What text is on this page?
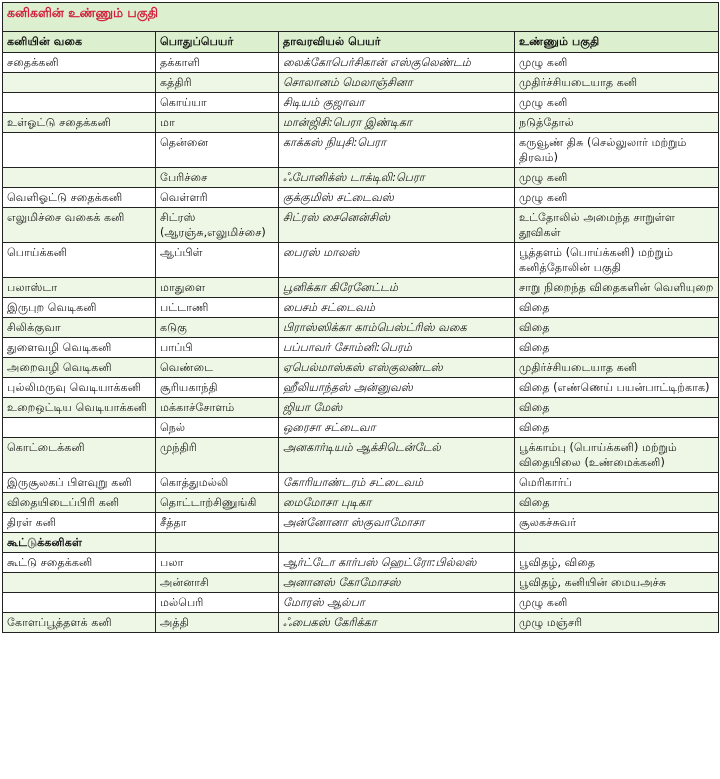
கனிகளின் உண்ணும் பகுதி			
கனியின் வகை	பொதுப்பெயர்	தாவரவியல் பெயர்	உண்ணும் பகுதி
சதைக்கனி	தக்காளி	லைக்கோபெர்சிகான் எஸ்குலெண்டம்	முழு கனி
	கத்திரி	சொலானம் மெலாஞ்சினா	முதிர்ச்சியடையாத கனி
	கொய்யா	சிடியம் குஜாவா	முழு கனி
உள்ஓட்டு சதைக்கனி	மா	மான்ஜிசி:பெரா இண்டிகா	நடுத்தோல்
	தென்னை	காக்கஸ் நியுசி:பெரா	கருவூண் திசு (செல்லுலார் மற்றும் திரவம்)
	பேரிச்சை	ஃபோனிக்ஸ் டாக்டிலி:பெரா	முழு கனி
வெளிஓட்டு சதைக்கனி	வெள்ளரி	குக்குமிஸ் சட்டைவஸ்	முழு கனி
எலுமிச்சை வகைக் கனி	சிட்ரஸ் (ஆரஞ்சு,எலுமிச்சை)	சிட்ரஸ் சைனென்சிஸ்	உட்தோலில் அமைந்த சாறுள்ள தூவிகள்
பொய்க்கனி	ஆப்பிள்	பைரஸ் மாலஸ்	பூத்தளம் (பொய்க்கனி) மற்றும் கனித்தோலின் பகுதி
பலாஸ்டா	மாதுளை	பூனிக்கா கிரேனேட்டம்	சாறு நிறைந்த விதைகளின் வெளியுறை
இருபுற வெடிகனி	பட்டாணி	பைசம் சட்டைவம்	விதை
சிலிக்குவா	கடுகு	பிராஸ்ஸிக்கா காம்பெஸ்ட்ரிஸ் வகை	விதை
துளைவழி வெடிகனி	பாப்பி	பப்பாவர் சோம்னி:பெரம்	விதை
அறைவழி வெடிகனி	வெண்டை	ஏபெல்மாஸ்கஸ் எஸ்குலண்டஸ்	முதிர்ச்சியடையாத கனி
புல்லிமருவு வெடியாக்கனி	சூரியகாந்தி	ஹீலியாந்தஸ் அன்னுவஸ்	விதை (எண்ணெய் பயன்பாட்டிற்காக)
உறைஒட்டிய வெடியாக்கனி	மக்காச்சோளம்	ஜியா மேஸ்	விதை
	நெல்	ஒரைசா சட்டைவா	விதை
கொட்டைக்கனி	முந்திரி	அனகார்டியம் ஆக்சிடென்டேல்	பூக்காம்பு (பொய்க்கனி) மற்றும் விதையிலை (உண்மைக்கனி)
இருசூலகப் பிளவுறு கனி	கொத்துமல்லி	கோரியாண்டரம் சட்டைவம்	மெரிகார்ப்
விதையிடைப்பிரி கனி	தொட்டாற்சிணுங்கி	மைமோசா புடிகா	விதை
திரள் கனி	சீத்தா	அன்னோனா ஸ்குவாமோசா	சூலகச்சுவர்
கூட்டுக்கனிகள்			
கூட்டு சதைக்கனி	பலா	ஆர்ட்டோ கார்பஸ் ஹெட்ரோ:பில்லஸ்	பூவிதழ், விதை
	அன்னாசி	அனானஸ் கோமோசஸ்	பூவிதழ், கனியின் மையஅச்சு
	மல்பெரி	மோரஸ் ஆல்பா	முழு கனி
கோளப்பூத்தளக் கனி	அத்தி	ஃபைகஸ் கேரிக்கா	முழு மஞ்சரி
